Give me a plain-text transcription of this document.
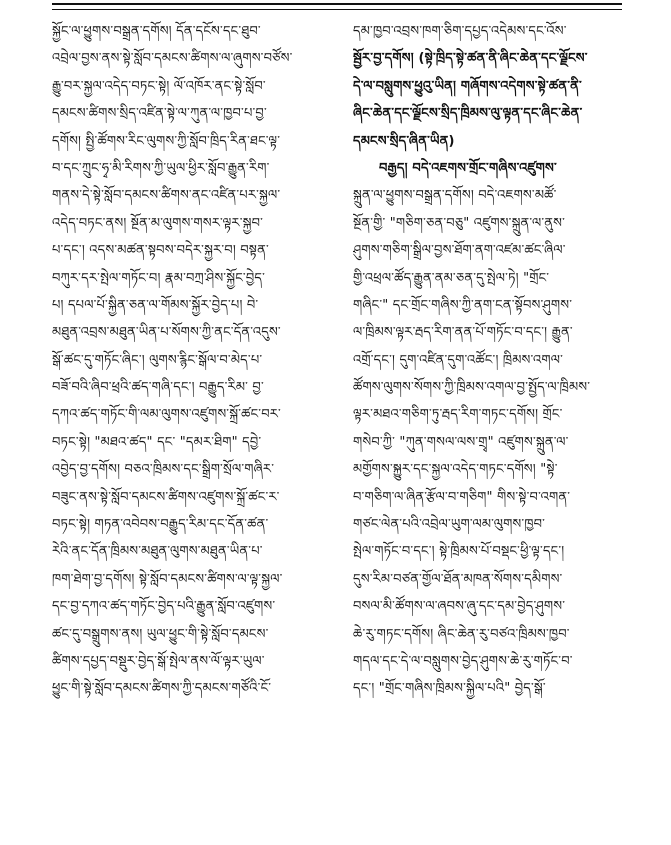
སྐྱོང་ལ་ཕྱུགས་བསྒྲན་དགོས། དོན་དངོས་དང་ཐུབ་
འབྲེལ་བྱས་ནས་སྟེ་སློབ་དམངས་ཚིགས་ལ་ཞུགས་བཙོས་
རྒྱུ་བར་སྐྱལ་འདེད་བཏང་སྟེ། ལོ་འཁོར་ནང་སྟེ་སློབ་
དམངས་ཚིགས་སྲིད་འཛིན་སྟེ་ལ་ཀུན་ལ་ཁྱབ་པ་བྱ་
དགོས། སྤྱི་ཚོགས་རིང་ལུགས་ཀྱི་སློབ་ཁྲིད་རིན་ཐང་ལྟ་
བ་དང་ཀྲུང་ཧྭ་མི་རིགས་ཀྱི་ཡུལ་ཕྱིར་སློབ་རྒྱུན་རིག་
གནས་དེ་སྟེ་སློབ་དམངས་ཚིགས་ནང་འཛིན་པར་སྐྱལ་
འདེད་བཏང་ནས། སྔོན་མ་ལུགས་གསར་ལྟར་སྐྱབ་
པ་དང་། འདས་མཚན་སྟབས་བདེར་སྐྱར་བ། བསྟན་
བཀུར་དར་སྤེལ་གཏོང་བ། རྣམ་བཀྲ་ཤིས་སྐྱོང་བྱེད་
པ། དཔལ་པོ་སྐྱིན་ཅན་ལ་གོམས་སྐྱོར་བྱེད་པ། བེ་
མཐུན་འབྲས་མཐུན་ཡིན་པ་སོགས་ཀྱི་ནང་དོན་འདུས་
སྒོ་ཚང་དུ་གཏོང་ཞིང་། ལུགས་རྙིང་སྒོལ་བ་མེད་པ་
བཟོ་བའི་ཞིབ་ཕྲའི་ཚད་གཞི་དང་། བརྒྱུད་རིམ་ བྱ་
དཀའ་ཚད་གཏོང་གི་ལམ་ལུགས་འཛུགས་སྐྲོ་ཚང་བར་
བཏང་སྟེ། "མཐའ་ཚད" དང་ "དམར་ཐིག" དབྱེ་
འབྱེད་བྱ་དགོས། བཅའ་ཁྲིམས་དང་སྒྲིག་སྲོལ་གཞིར་
བཟུང་ནས་སྟེ་སློབ་དམངས་ཚིགས་འཛུགས་སྐྲོ་ཚང་ར་
བཏང་སྟེ། གཏན་འབེབས་བརྒྱུད་རིམ་དང་དོན་ཚན་
རེའི་ནང་དོན་ཁྲིམས་མཐུན་ལུགས་མཐུན་ཡིན་པ་
ཁག་ཐེག་བྱ་དགོས། སྟེ་སློབ་དམངས་ཚིགས་ལ་ལྟ་སྐྱལ་
དང་བྱ་དཀའ་ཚད་གཏོང་བྱེད་པའི་རྒྱུན་སློབ་འཛུགས་
ཚང་དུ་བསྒྲུགས་ནས། ཡུལ་ཕྱུང་གི་སྟེ་སློབ་དམངས་
ཚིགས་དཔྱད་བསྡུར་བྱེད་སྒོ་སྤེལ་ནས་ལོ་ལྟར་ཡུལ་
ཕྱུང་གི་སྟེ་སློབ་དམངས་ཚིགས་ཀྱི་དམངས་གཙོའི་ངོ་
དམ་ཁྱབ་འབྲས་ཁག་ཅིག་དཔྱད་འདེམས་དང་འོས་
སྦྱོར་བྱ་དགོས། (སྟེ་ཁྲིད་སྟེ་ཚན་ནི་ཞིང་ཆེན་དང་ལྗོངས་
དེ་ལ་བསླུགས་ཕྱུའུ་ཡིན། གཞོགས་འདེགས་སྟེ་ཚན་ནི་
ཞིང་ཆེན་དང་ལྗོངས་སྲིད་ཁྲིམས་ལུ་ལྟན་དང་ཞིང་ཆེན་
དམངས་སྲིད་ཞིན་ཡིན)
བརྒྱད། བདེ་འཇགས་གྲོང་གཞིས་འཛུགས་
སྐྲུན་ལ་ཕྱུགས་བསྒྲན་དགོས། བདེ་འཇགས་མཚོ་
སྔོན་གྱི་ "གཅིག་ཅན་བཅུ" འཛུགས་སྐྲུན་ལ་ནུས་
ཤུགས་གཅིག་སྒྲིལ་བྱས་ཐོག་ནག་འཛམ་ཚང་ཞིལ་
གྱི་འཕྲལ་ཚོད་རྒྱུན་ནམ་ཅན་དུ་སྤེལ་ཏེ། "གྲོང་
གཞིང་" དང་གྲོང་གཞིས་ཀྱི་ནག་ངན་སྟོབས་ཤུགས་
ལ་ཁྲིམས་ལྟར་རྦད་རིག་ནན་པོ་གཏོང་བ་དང་། རྒྱུན་
འགྲོ་དང་། དུག་འཛིན་དུག་འཚོང་། ཁྲིམས་འགལ་
ཚོགས་ལུགས་སོགས་ཀྱི་ཁྲིམས་འགལ་བྱ་སྤྱོད་ལ་ཁྲིམས་
ལྟར་མཐའ་གཅིག་ཏུ་རྦད་རིག་གཏང་དགོས། གྲོང་
གསེབ་ཀྱི་ "ཀུན་གསལ་ལས་གྲྭ" འཛུགས་སྐྲུན་ལ་
མགྱོགས་སྐྱུར་དང་སྐྱལ་འདེད་གཏང་དགོས། "སྟེ་
བ་གཅིག་ལ་ཞིན་རྩོལ་བ་གཅིག" གིས་སྟེ་བ་འགན་
གཙང་ལེན་པའི་འབྲེལ་ཡུག་ལམ་ལུགས་ཁྱབ་
སྤེལ་གཏོང་བ་དང་། སྟེ་ཁྲིམས་པོ་བསྡང་ཕྱི་ལྟ་དང་།
དུས་རིམ་བཙན་གྱོལ་ཐོན་མཁན་སོགས་དམིགས་
བསལ་མི་ཚོགས་ལ་ཞབས་ཞུ་དང་དམ་བྱེད་ཤུགས་
ཆེ་རུ་གཏང་དགོས། ཞིང་ཆེན་རུ་བཙའ་ཁྲིམས་ཁྱབ་
གདལ་དང་དེ་ལ་བསླུགས་བྱེད་ཤུགས་ཆེ་རུ་གཏོང་བ་
དང་། "གྲོང་གཞིས་ཁྲིམས་སྐྱིལ་པའི" བྱེད་སྒོ་
